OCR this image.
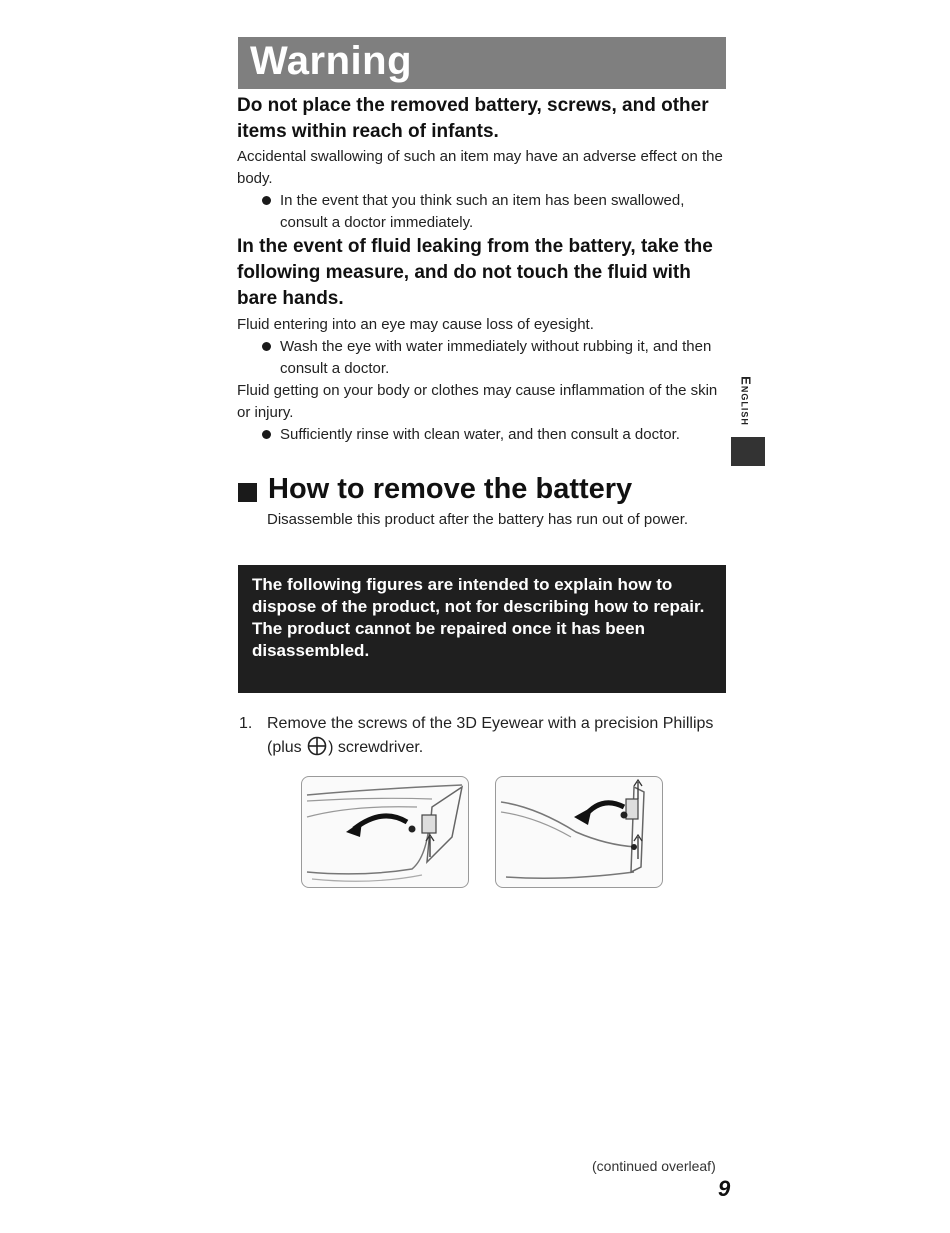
Warning

Do not place the removed battery, screws, and other items within reach of infants.

Accidental swallowing of such an item may have an adverse effect on the body.

In the event that you think such an item has been swallowed, consult a doctor immediately.

In the event of fluid leaking from the battery, take the following measure, and do not touch the fluid with bare hands.

Fluid entering into an eye may cause loss of eyesight.

Wash the eye with water immediately without rubbing it, and then consult a doctor.

Fluid getting on your body or clothes may cause inflammation of the skin or injury.

Sufficiently rinse with clean water, and then consult a doctor.

English
How to remove the battery

Disassemble this product after the battery has run out of power.

The following figures are intended to explain how to dispose of the product, not for describing how to repair.

The product cannot be repaired once it has been disassembled.

1. Remove the screws of the 3D Eyewear with a precision Phillips (plus ) screwdriver.
(continued overleaf)
9
